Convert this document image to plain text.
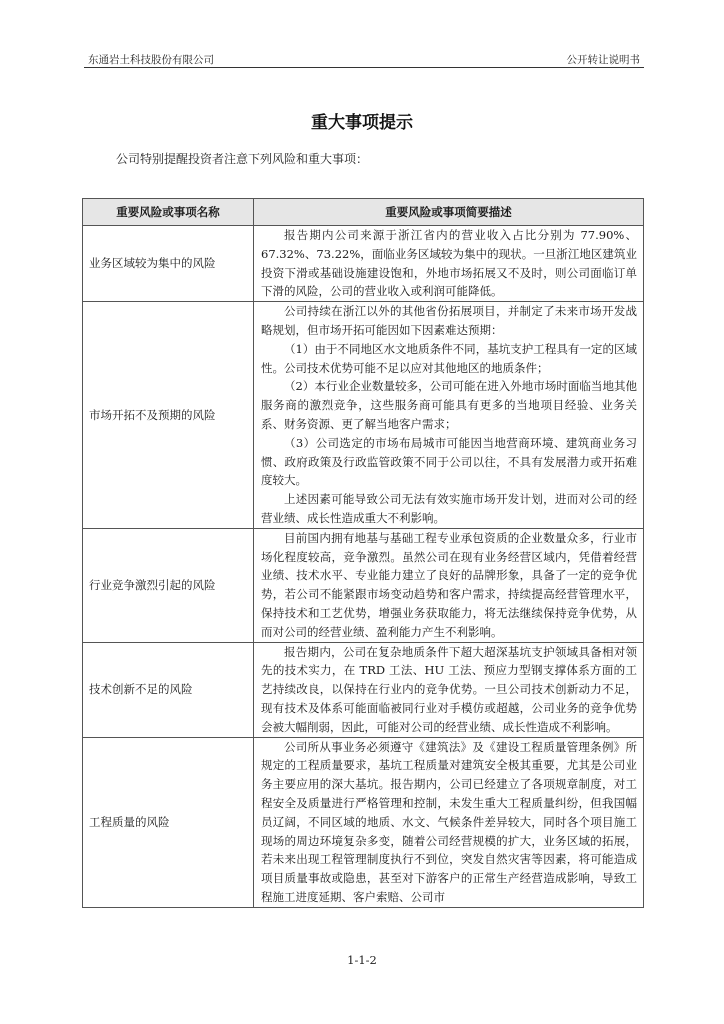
东通岩土科技股份有限公司	公开转让说明书
重大事项提示
公司特别提醒投资者注意下列风险和重大事项：
重要风险或事项名称	重要风险或事项简要描述
业务区域较为集中的风险	报告期内公司来源于浙江省内的营业收入占比分别为 77.90%、67.32%、73.22%，面临业务区域较为集中的现状。一旦浙江地区建筑业投资下滑或基础设施建设饱和，外地市场拓展又不及时，则公司面临订单下滑的风险，公司的营业收入或利润可能降低。

市场开拓不及预期的风险	公司持续在浙江以外的其他省份拓展项目，并制定了未来市场开发战略规划，但市场开拓可能因如下因素难达预期：

（1）由于不同地区水文地质条件不同，基坑支护工程具有一定的区域性。公司技术优势可能不足以应对其他地区的地质条件；

（2）本行业企业数量较多，公司可能在进入外地市场时面临当地其他服务商的激烈竞争，这些服务商可能具有更多的当地项目经验、业务关系、财务资源、更了解当地客户需求；

（3）公司选定的市场布局城市可能因当地营商环境、建筑商业务习惯、政府政策及行政监管政策不同于公司以往，不具有发展潜力或开拓难度较大。

上述因素可能导致公司无法有效实施市场开发计划，进而对公司的经营业绩、成长性造成重大不利影响。

行业竞争激烈引起的风险	目前国内拥有地基与基础工程专业承包资质的企业数量众多，行业市场化程度较高，竞争激烈。虽然公司在现有业务经营区域内，凭借着经营业绩、技术水平、专业能力建立了良好的品牌形象，具备了一定的竞争优势，若公司不能紧跟市场变动趋势和客户需求，持续提高经营管理水平，保持技术和工艺优势，增强业务获取能力，将无法继续保持竞争优势，从而对公司的经营业绩、盈利能力产生不利影响。

技术创新不足的风险	报告期内，公司在复杂地质条件下超大超深基坑支护领域具备相对领先的技术实力，在 TRD 工法、HU 工法、预应力型钢支撑体系方面的工艺持续改良，以保持在行业内的竞争优势。一旦公司技术创新动力不足，现有技术及体系可能面临被同行业对手模仿或超越，公司业务的竞争优势会被大幅削弱，因此，可能对公司的经营业绩、成长性造成不利影响。

工程质量的风险	公司所从事业务必须遵守《建筑法》及《建设工程质量管理条例》所规定的工程质量要求，基坑工程质量对建筑安全极其重要，尤其是公司业务主要应用的深大基坑。报告期内，公司已经建立了各项规章制度，对工程安全及质量进行严格管理和控制，未发生重大工程质量纠纷，但我国幅员辽阔，不同区域的地质、水文、气候条件差异较大，同时各个项目施工现场的周边环境复杂多变，随着公司经营规模的扩大，业务区域的拓展，若未来出现工程管理制度执行不到位，突发自然灾害等因素，将可能造成项目质量事故或隐患，甚至对下游客户的正常生产经营造成影响，导致工程施工进度延期、客户索赔、公司市

1-1-2
